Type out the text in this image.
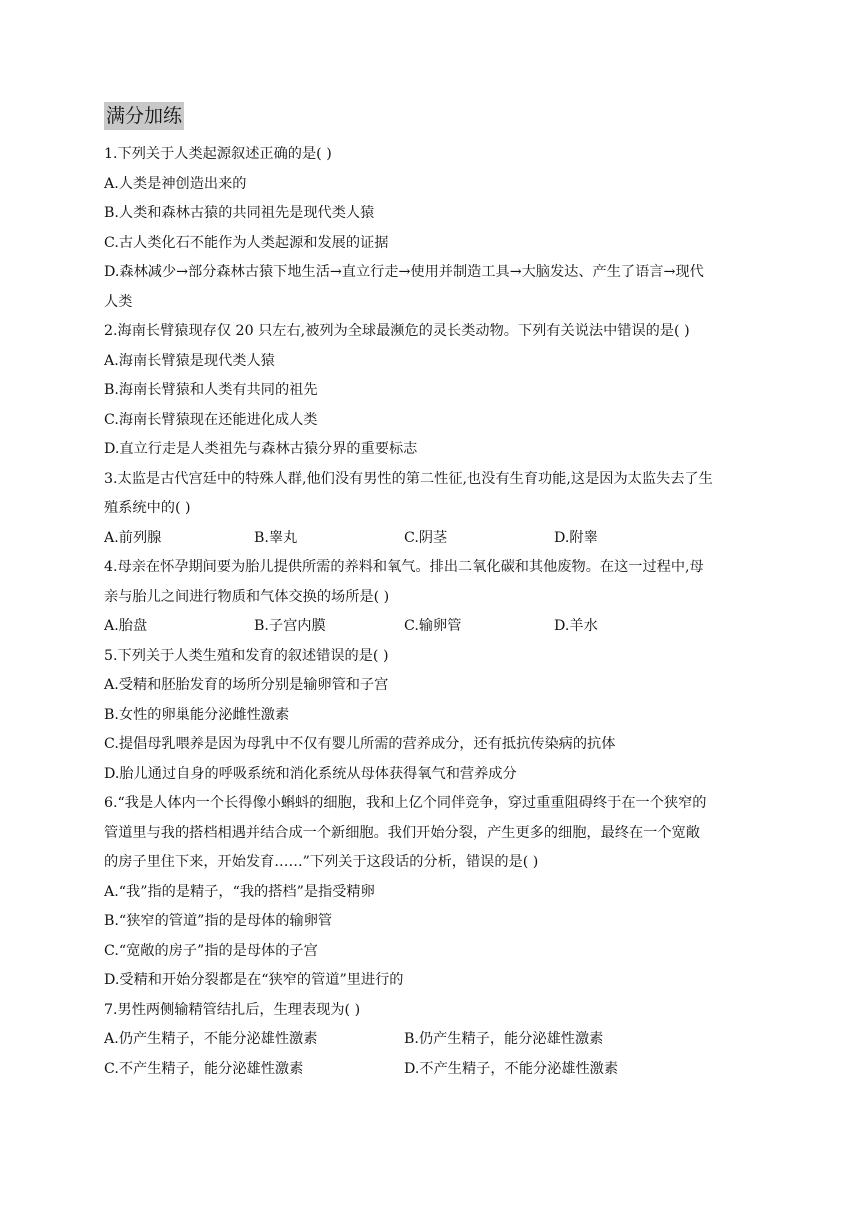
满分加练
1.下列关于人类起源叙述正确的是( )
A.人类是神创造出来的
B.人类和森林古猿的共同祖先是现代类人猿
C.古人类化石不能作为人类起源和发展的证据
D.森林减少→部分森林古猿下地生活→直立行走→使用并制造工具→大脑发达、产生了语言→现代
人类
2.海南长臂猿现存仅 20 只左右,被列为全球最濒危的灵长类动物。下列有关说法中错误的是( )
A.海南长臂猿是现代类人猿
B.海南长臂猿和人类有共同的祖先
C.海南长臂猿现在还能进化成人类
D.直立行走是人类祖先与森林古猿分界的重要标志
3.太监是古代宫廷中的特殊人群,他们没有男性的第二性征,也没有生育功能,这是因为太监失去了生
殖系统中的( )
A.前列腺	B.睾丸	C.阴茎	D.附睾
4.母亲在怀孕期间要为胎儿提供所需的养料和氧气。排出二氧化碳和其他废物。在这一过程中,母
亲与胎儿之间进行物质和气体交换的场所是( )
A.胎盘	B.子宫内膜	C.输卵管	D.羊水
5.下列关于人类生殖和发育的叙述错误的是( )
A.受精和胚胎发育的场所分别是输卵管和子宫
B.女性的卵巢能分泌雌性激素
C.提倡母乳喂养是因为母乳中不仅有婴儿所需的营养成分，还有抵抗传染病的抗体
D.胎儿通过自身的呼吸系统和消化系统从母体获得氧气和营养成分
6.“我是人体内一个长得像小蝌蚪的细胞，我和上亿个同伴竞争，穿过重重阻碍终于在一个狭窄的
管道里与我的搭档相遇并结合成一个新细胞。我们开始分裂，产生更多的细胞，最终在一个宽敞
的房子里住下来，开始发育……”下列关于这段话的分析，错误的是( )
A.“我”指的是精子，“我的搭档”是指受精卵
B.“狭窄的管道”指的是母体的输卵管
C.“宽敞的房子”指的是母体的子宫
D.受精和开始分裂都是在“狭窄的管道”里进行的
7.男性两侧输精管结扎后，生理表现为( )
A.仍产生精子，不能分泌雄性激素	B.仍产生精子，能分泌雄性激素
C.不产生精子，能分泌雄性激素	D.不产生精子，不能分泌雄性激素
